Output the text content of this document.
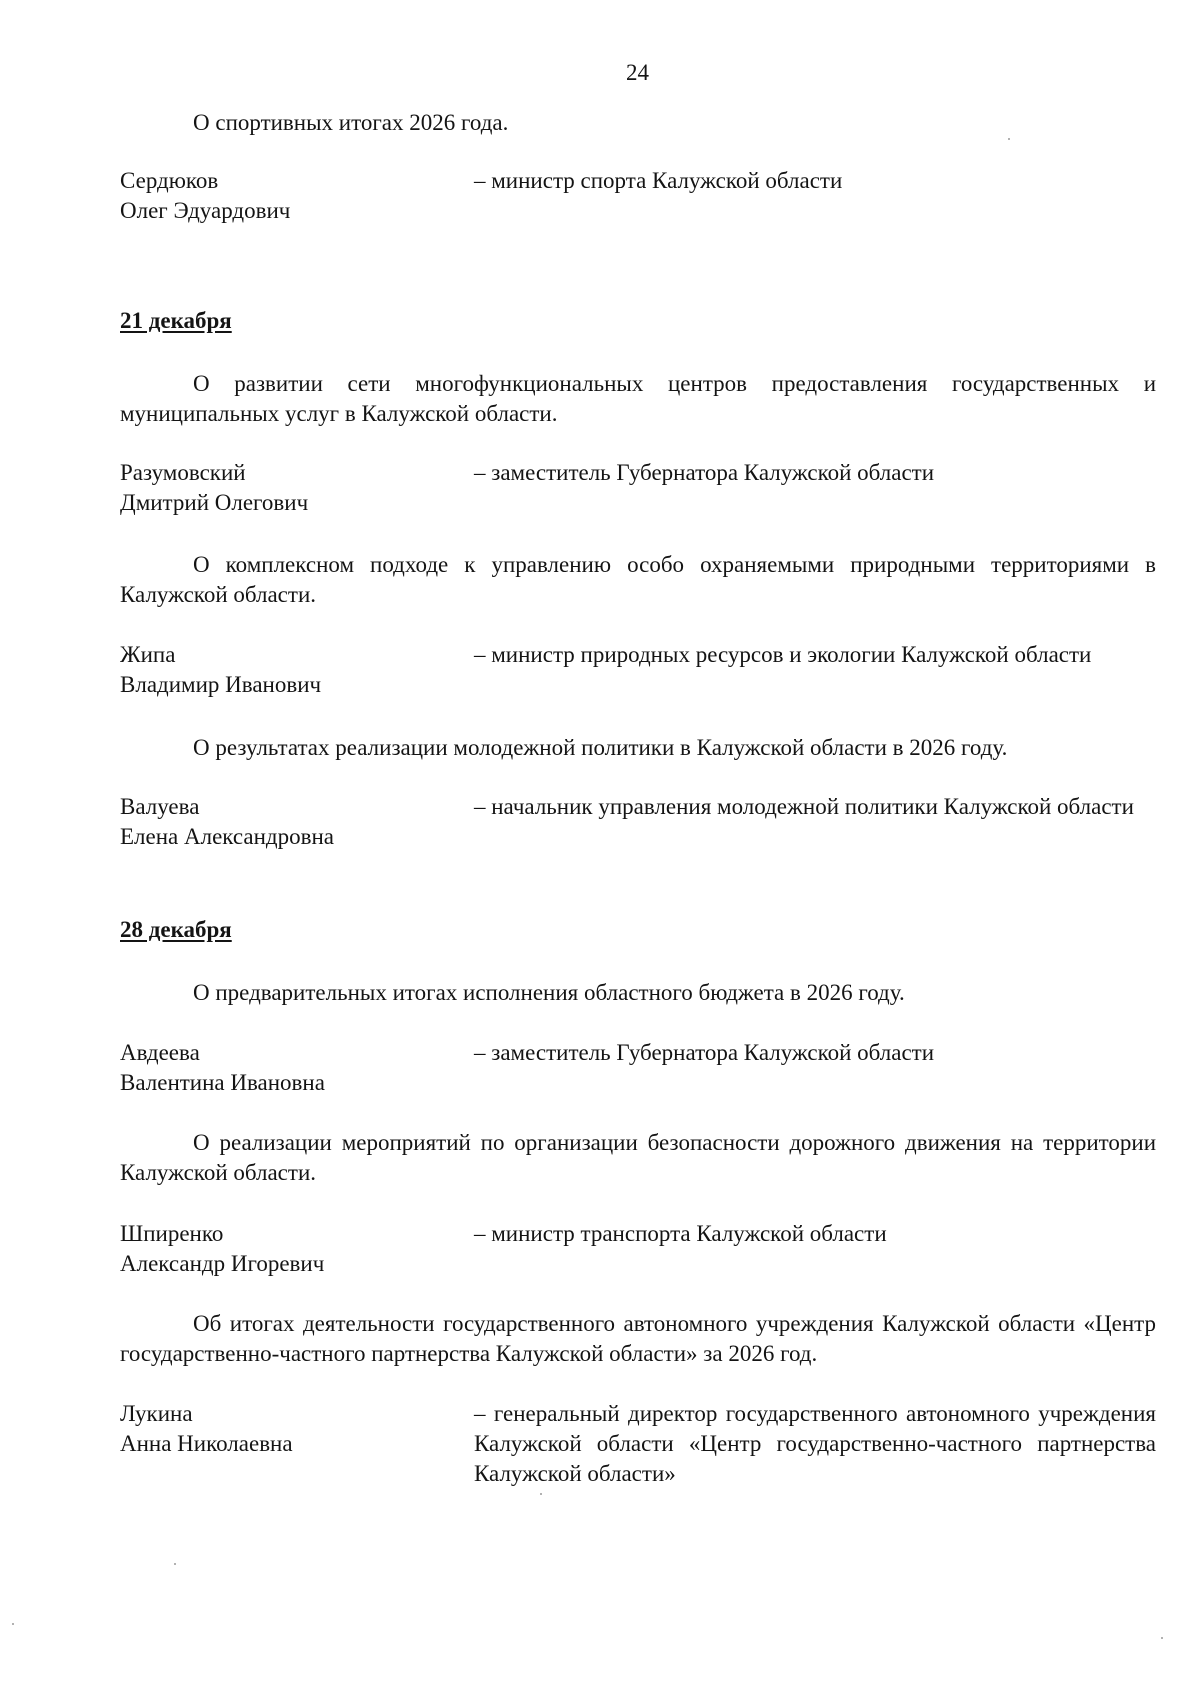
24
О спортивных итогах 2026 года.
Сердюков
Олег Эдуардович
– министр спорта Калужской области
21 декабря
О развитии сети многофункциональных центров предоставления государственных и муниципальных услуг в Калужской области.
Разумовский
Дмитрий Олегович
– заместитель Губернатора Калужской области
О комплексном подходе к управлению особо охраняемыми природными территориями в Калужской области.
Жипа
Владимир Иванович
– министр природных ресурсов и экологии Калужской области
О результатах реализации молодежной политики в Калужской области в 2026 году.
Валуева
Елена Александровна
– начальник управления молодежной политики Калужской области
28 декабря
О предварительных итогах исполнения областного бюджета в 2026 году.
Авдеева
Валентина Ивановна
– заместитель Губернатора Калужской области
О реализации мероприятий по организации безопасности дорожного движения на территории Калужской области.
Шпиренко
Александр Игоревич
– министр транспорта Калужской области
Об итогах деятельности государственного автономного учреждения Калужской области «Центр государственно-частного партнерства Калужской области» за 2026 год.
Лукина
Анна Николаевна
– генеральный директор государственного автономного учреждения Калужской области «Центр государственно-частного партнерства Калужской области»
